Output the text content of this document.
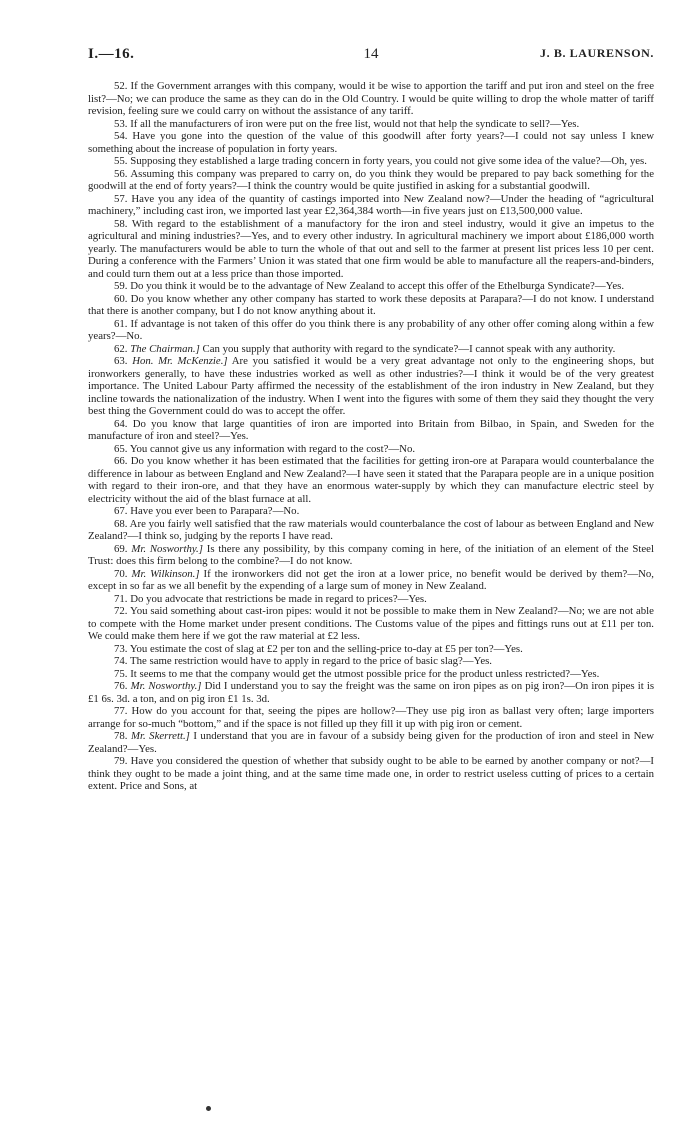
I.—16.	14	J. B. LAURENSON.

52. If the Government arranges with this company, would it be wise to apportion the tariff and put iron and steel on the free list?—No; we can produce the same as they can do in the Old Country. I would be quite willing to drop the whole matter of tariff revision, feeling sure we could carry on without the assistance of any tariff.

53. If all the manufacturers of iron were put on the free list, would not that help the syndicate to sell?—Yes.

54. Have you gone into the question of the value of this goodwill after forty years?—I could not say unless I knew something about the increase of population in forty years.

55. Supposing they established a large trading concern in forty years, you could not give some idea of the value?—Oh, yes.

56. Assuming this company was prepared to carry on, do you think they would be prepared to pay back something for the goodwill at the end of forty years?—I think the country would be quite justified in asking for a substantial goodwill.

57. Have you any idea of the quantity of castings imported into New Zealand now?—Under the heading of “agricultural machinery,” including cast iron, we imported last year £2,364,384 worth—in five years just on £13,500,000 value.

58. With regard to the establishment of a manufactory for the iron and steel industry, would it give an impetus to the agricultural and mining industries?—Yes, and to every other industry. In agricultural machinery we import about £186,000 worth yearly. The manufacturers would be able to turn the whole of that out and sell to the farmer at present list prices less 10 per cent. During a conference with the Farmers’ Union it was stated that one firm would be able to manufacture all the reapers-and-binders, and could turn them out at a less price than those imported.

59. Do you think it would be to the advantage of New Zealand to accept this offer of the Ethelburga Syndicate?—Yes.

60. Do you know whether any other company has started to work these deposits at Parapara?—I do not know. I understand that there is another company, but I do not know anything about it.

61. If advantage is not taken of this offer do you think there is any probability of any other offer coming along within a few years?—No.

62. The Chairman.] Can you supply that authority with regard to the syndicate?—I cannot speak with any authority.

63. Hon. Mr. McKenzie.] Are you satisfied it would be a very great advantage not only to the engineering shops, but ironworkers generally, to have these industries worked as well as other industries?—I think it would be of the very greatest importance. The United Labour Party affirmed the necessity of the establishment of the iron industry in New Zealand, but they incline towards the nationalization of the industry. When I went into the figures with some of them they said they thought the very best thing the Government could do was to accept the offer.

64. Do you know that large quantities of iron are imported into Britain from Bilbao, in Spain, and Sweden for the manufacture of iron and steel?—Yes.

65. You cannot give us any information with regard to the cost?—No.

66. Do you know whether it has been estimated that the facilities for getting iron-ore at Parapara would counterbalance the difference in labour as between England and New Zealand?—I have seen it stated that the Parapara people are in a unique position with regard to their iron-ore, and that they have an enormous water-supply by which they can manufacture electric steel by electricity without the aid of the blast furnace at all.

67. Have you ever been to Parapara?—No.

68. Are you fairly well satisfied that the raw materials would counterbalance the cost of labour as between England and New Zealand?—I think so, judging by the reports I have read.

69. Mr. Nosworthy.] Is there any possibility, by this company coming in here, of the initiation of an element of the Steel Trust: does this firm belong to the combine?—I do not know.

70. Mr. Wilkinson.] If the ironworkers did not get the iron at a lower price, no benefit would be derived by them?—No, except in so far as we all benefit by the expending of a large sum of money in New Zealand.

71. Do you advocate that restrictions be made in regard to prices?—Yes.

72. You said something about cast-iron pipes: would it not be possible to make them in New Zealand?—No; we are not able to compete with the Home market under present conditions. The Customs value of the pipes and fittings runs out at £11 per ton. We could make them here if we got the raw material at £2 less.

73. You estimate the cost of slag at £2 per ton and the selling-price to-day at £5 per ton?—Yes.

74. The same restriction would have to apply in regard to the price of basic slag?—Yes.

75. It seems to me that the company would get the utmost possible price for the product unless restricted?—Yes.

76. Mr. Nosworthy.] Did I understand you to say the freight was the same on iron pipes as on pig iron?—On iron pipes it is £1 6s. 3d. a ton, and on pig iron £1 1s. 3d.

77. How do you account for that, seeing the pipes are hollow?—They use pig iron as ballast very often; large importers arrange for so-much “bottom,” and if the space is not filled up they fill it up with pig iron or cement.

78. Mr. Skerrett.] I understand that you are in favour of a subsidy being given for the production of iron and steel in New Zealand?—Yes.

79. Have you considered the question of whether that subsidy ought to be able to be earned by another company or not?—I think they ought to be made a joint thing, and at the same time made one, in order to restrict useless cutting of prices to a certain extent. Price and Sons, at
